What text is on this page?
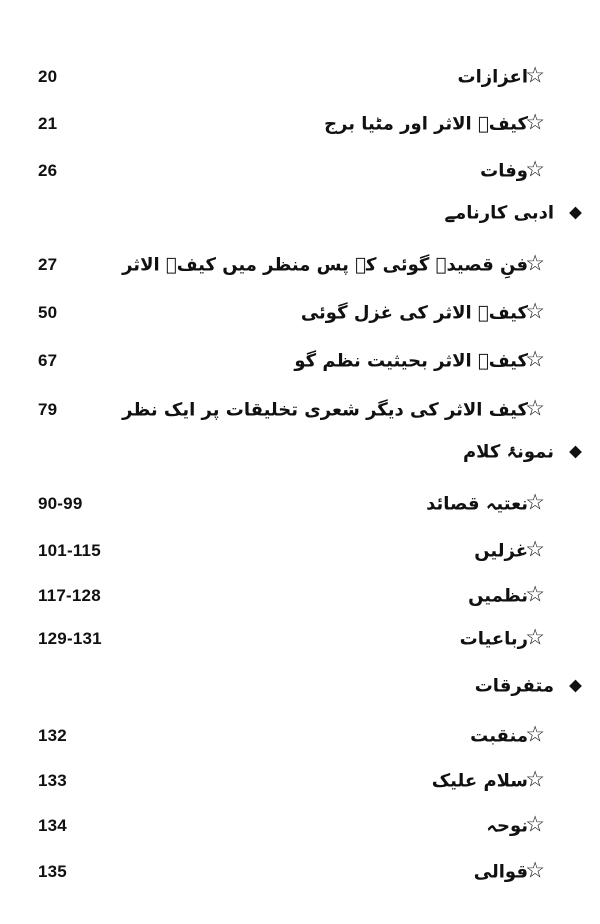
20	اعزازات
☆
21	کیفؔ الاثر اور مٹیا برج
☆
26	وفات
☆
ادبی کارنامے
27	فنِ قصیدہ گوئی کے پس منظر میں کیفؔ الاثر
☆
50	کیفؔ الاثر کی غزل گوئی
☆
67	کیفؔ الاثر بحیثیت نظم گو
☆
79	کیف الاثر کی دیگر شعری تخلیقات پر ایک نظر
☆
نمونۂ کلام
90-99	نعتیہ قصائد
☆
101-115	غزلیں
☆
117-128	نظمیں
☆
129-131	رباعیات
☆
متفرقات
132	منقبت
☆
133	سلام علیک
☆
134	نوحہ
☆
135	قوالی
☆
